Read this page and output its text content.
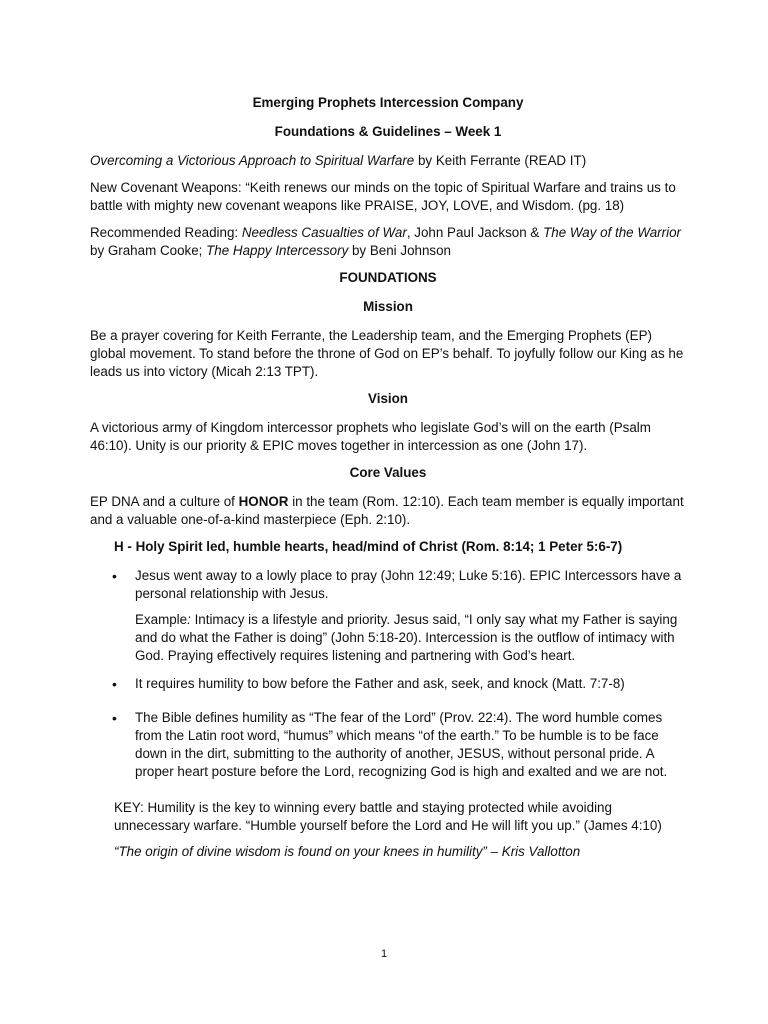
Emerging Prophets Intercession Company

Foundations & Guidelines – Week 1

Overcoming a Victorious Approach to Spiritual Warfare by Keith Ferrante (READ IT)

New Covenant Weapons: “Keith renews our minds on the topic of Spiritual Warfare and trains us to battle with mighty new covenant weapons like PRAISE, JOY, LOVE, and Wisdom. (pg. 18)

Recommended Reading: Needless Casualties of War, John Paul Jackson & The Way of the Warrior by Graham Cooke; The Happy Intercessory by Beni Johnson

FOUNDATIONS

Mission

Be a prayer covering for Keith Ferrante, the Leadership team, and the Emerging Prophets (EP) global movement. To stand before the throne of God on EP’s behalf. To joyfully follow our King as he leads us into victory (Micah 2:13 TPT).

Vision

A victorious army of Kingdom intercessor prophets who legislate God’s will on the earth (Psalm 46:10). Unity is our priority & EPIC moves together in intercession as one (John 17).

Core Values

EP DNA and a culture of HONOR in the team (Rom. 12:10). Each team member is equally important and a valuable one-of-a-kind masterpiece (Eph. 2:10).

H - Holy Spirit led, humble hearts, head/mind of Christ (Rom. 8:14; 1 Peter 5:6-7)

• Jesus went away to a lowly place to pray (John 12:49; Luke 5:16). EPIC Intercessors have a personal relationship with Jesus.

Example: Intimacy is a lifestyle and priority. Jesus said, “I only say what my Father is saying and do what the Father is doing” (John 5:18-20). Intercession is the outflow of intimacy with God. Praying effectively requires listening and partnering with God’s heart.

• It requires humility to bow before the Father and ask, seek, and knock (Matt. 7:7-8)
• The Bible defines humility as “The fear of the Lord” (Prov. 22:4). The word humble comes from the Latin root word, “humus” which means “of the earth.” To be humble is to be face down in the dirt, submitting to the authority of another, JESUS, without personal pride. A proper heart posture before the Lord, recognizing God is high and exalted and we are not.

KEY: Humility is the key to winning every battle and staying protected while avoiding unnecessary warfare. “Humble yourself before the Lord and He will lift you up.” (James 4:10)

“The origin of divine wisdom is found on your knees in humility” – Kris Vallotton

1
